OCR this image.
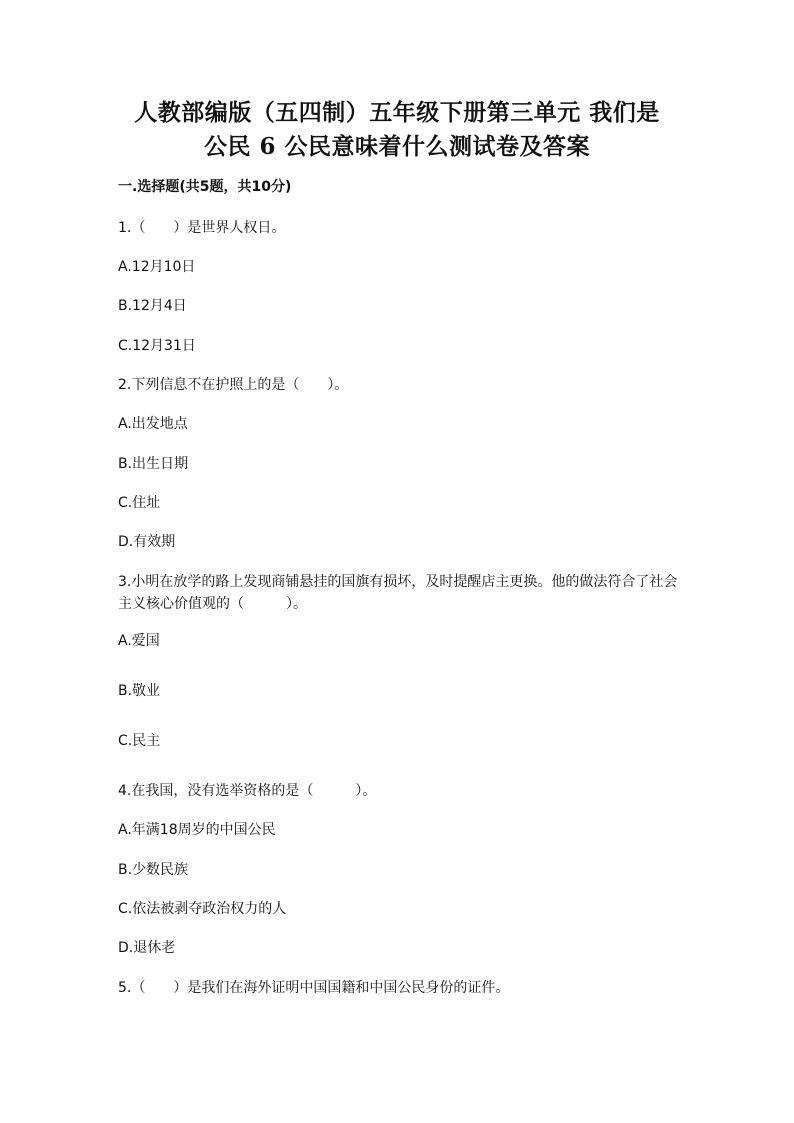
人教部编版（五四制）五年级下册第三单元 我们是
公民 6 公民意味着什么测试卷及答案
一.选择题(共5题，共10分)
1.（　　）是世界人权日。
A.12月10日
B.12月4日
C.12月31日
2.下列信息不在护照上的是（　　）。
A.出发地点
B.出生日期
C.住址
D.有效期
3.小明在放学的路上发现商铺悬挂的国旗有损坏，及时提醒店主更换。他的做法符合了社会主义核心价值观的（　　　）。
A.爱国
B.敬业
C.民主
4.在我国，没有选举资格的是（　　　）。
A.年满18周岁的中国公民
B.少数民族
C.依法被剥夺政治权力的人
D.退休老
5.（　　）是我们在海外证明中国国籍和中国公民身份的证件。
